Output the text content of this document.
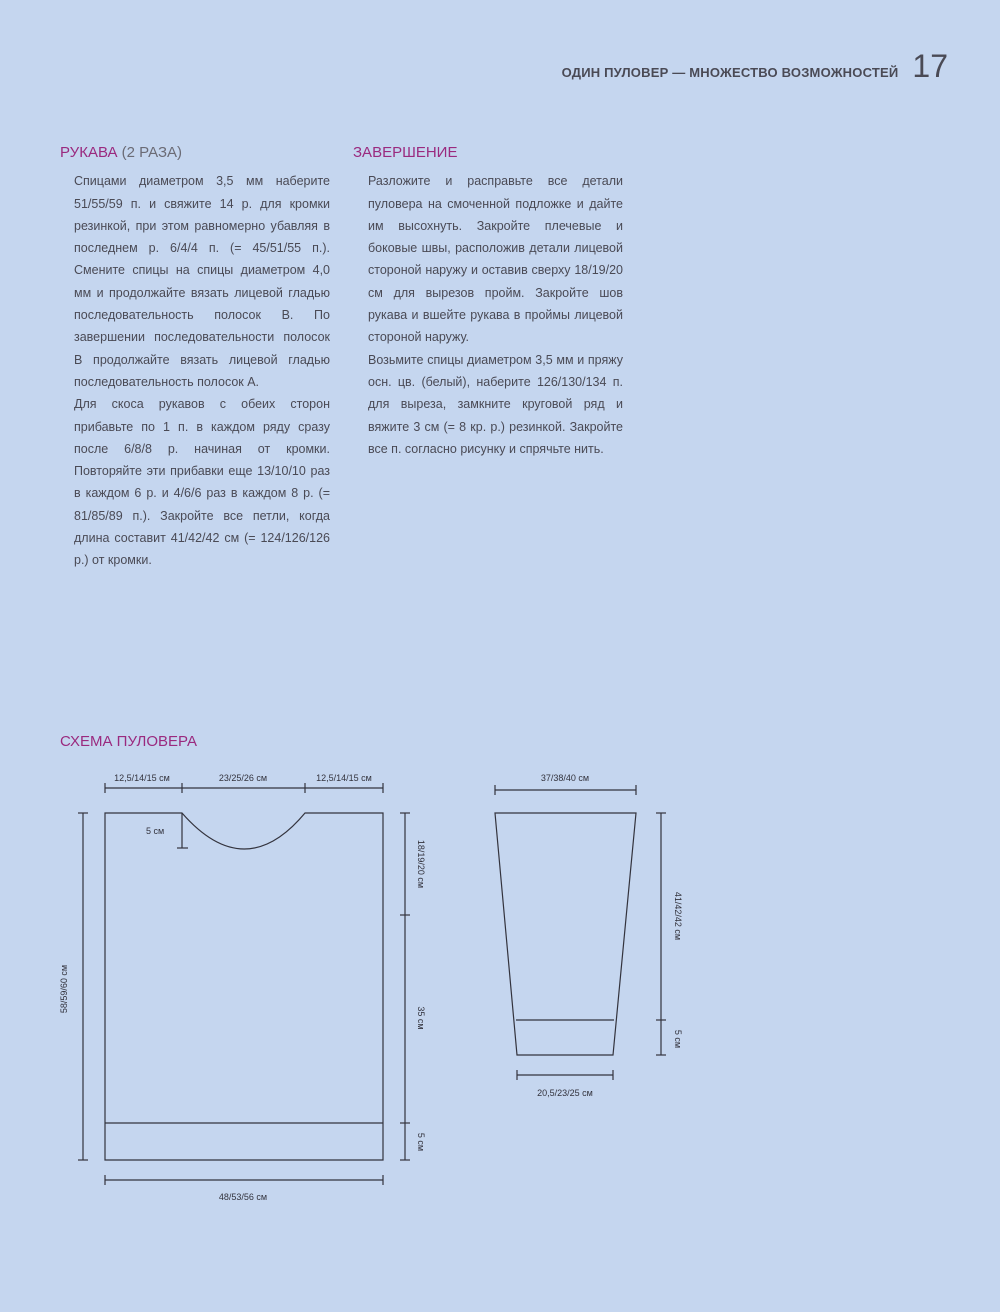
ОДИН ПУЛОВЕР — МНОЖЕСТВО ВОЗМОЖНОСТЕЙ 17
РУКАВА (2 РАЗА)

Спицами диаметром 3,5 мм наберите 51/55/59 п. и свяжите 14 р. для кромки резинкой, при этом равномерно убавляя в последнем р. 6/4/4 п. (= 45/51/55 п.). Смените спицы на спицы диаметром 4,0 мм и продолжайте вязать лицевой гладью последовательность полосок В. По завершении последовательности полосок В продолжайте вязать лицевой гладью последовательность полосок А.

Для скоса рукавов с обеих сторон прибавьте по 1 п. в каждом ряду сразу после 6/8/8 р. начиная от кромки. Повторяйте эти прибавки еще 13/10/10 раз в каждом 6 р. и 4/6/6 раз в каждом 8 р. (= 81/85/89 п.). Закройте все петли, когда длина составит 41/42/42 см (= 124/126/126 р.) от кромки.

ЗАВЕРШЕНИЕ

Разложите и расправьте все детали пуловера на смоченной подложке и дайте им высохнуть. Закройте плечевые и боковые швы, расположив детали лицевой стороной наружу и оставив сверху 18/19/20 см для вырезов пройм. Закройте шов рукава и вшейте рукава в проймы лицевой стороной наружу.

Возьмите спицы диаметром 3,5 мм и пряжу осн. цв. (белый), наберите 126/130/134 п. для выреза, замкните круговой ряд и вяжите 3 см (= 8 кр. р.) резинкой. Закройте все п. согласно рисунку и спрячьте нить.

СХЕМА ПУЛОВЕРА
12,5/14/15 см	23/25/26 см	12,5/14/15 см
5 см
18/19/20 см
35 см
5 см
58/59/60 см
48/53/56 см
37/38/40 см
41/42/42 см
5 см
20,5/23/25 см
